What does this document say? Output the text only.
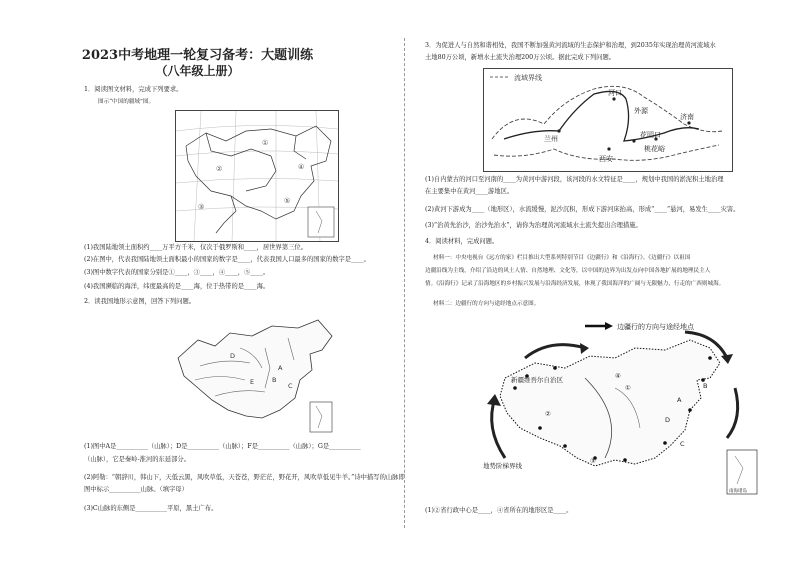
2023中考地理一轮复习备考：大题训练
（八年级上册）
1．阅读图文材料，完成下列要求。
图示“中国的疆域”图。
①
②
③
④
⑤
(1)我国陆地领土面积约____万平方千米，仅次于俄罗斯和____，居世界第三位。
(2)在图中，代表我国陆地领土面积最小的国家的数字是____，代表我国人口最多的国家的数字是____。
(3)图中数字代表的国家分别是①____，③____，④____，⑤____。
(4)我国濒临的海洋，纬度最高的是____海，位于热带的是____海。
2．读我国地形示意图，回答下列问题。
A
B
C
D
E
(1)图中A是__________（山脉）；D是__________（山脉）；F是__________（山脉）；G是__________
（山脉），它是秦岭-淮河的东延部分。
(2)阿勒：“朝辞川，韩山下，天低云黑，风吹草低，天苍苍，野茫茫，野花开，风吹草低见牛羊。”诗中描写的山脉即
图中标示__________山脉。（填字母）
(3)C山脉的东侧是__________平原，黑土广布。
3．为促进人与自然和谐相处，我国不断加强黄河流域的生态保护和治理，到2035年实现治理黄河流域水
土地80万公顷，新增水土流失治理200万公顷。据此完成下列问题。
流域界线
河口
兰州
西安
花园口
桃花峪
济南
外源
(1)自内蒙古的河口至河南的____为黄河中游河段，该河段的水文特征是____，规划中我国的淤泥积土地治理
在主要集中在黄河____游地区。
(2)黄河下游成为____（地形区），水流缓慢，泥沙沉积，形成下游河床抬高，形成“____”悬河，易发生____灾害。
(3)“治黄先治沙，治沙先治水”，请你为治理黄河流域水土流失提出合理措施。
4．阅读材料，完成问题。
材料一：中央电视台《远方的家》栏目推出大型系列特别节目《边疆行》和《沿海行》。《边疆行》以祖国
边疆沿线为主线，介绍了沿边的风土人情、自然地理、文化等，以中国的边界为出发点向中国各地扩展的地理民主人
情。《沿海行》记录了沿海地区的乡村振兴发展与沿海经济发展，体现了我国海洋的广阔与无限魅力，行走的广西则城海。
材料二：边疆行的方向与途经地点示意图。
边疆行的方向与途经地点
新疆维吾尔自治区
地势阶梯界线
A
B
C
D
①
②
③
④
南海诸岛
(1)②省行政中心是____，④省所在的地形区是____。
